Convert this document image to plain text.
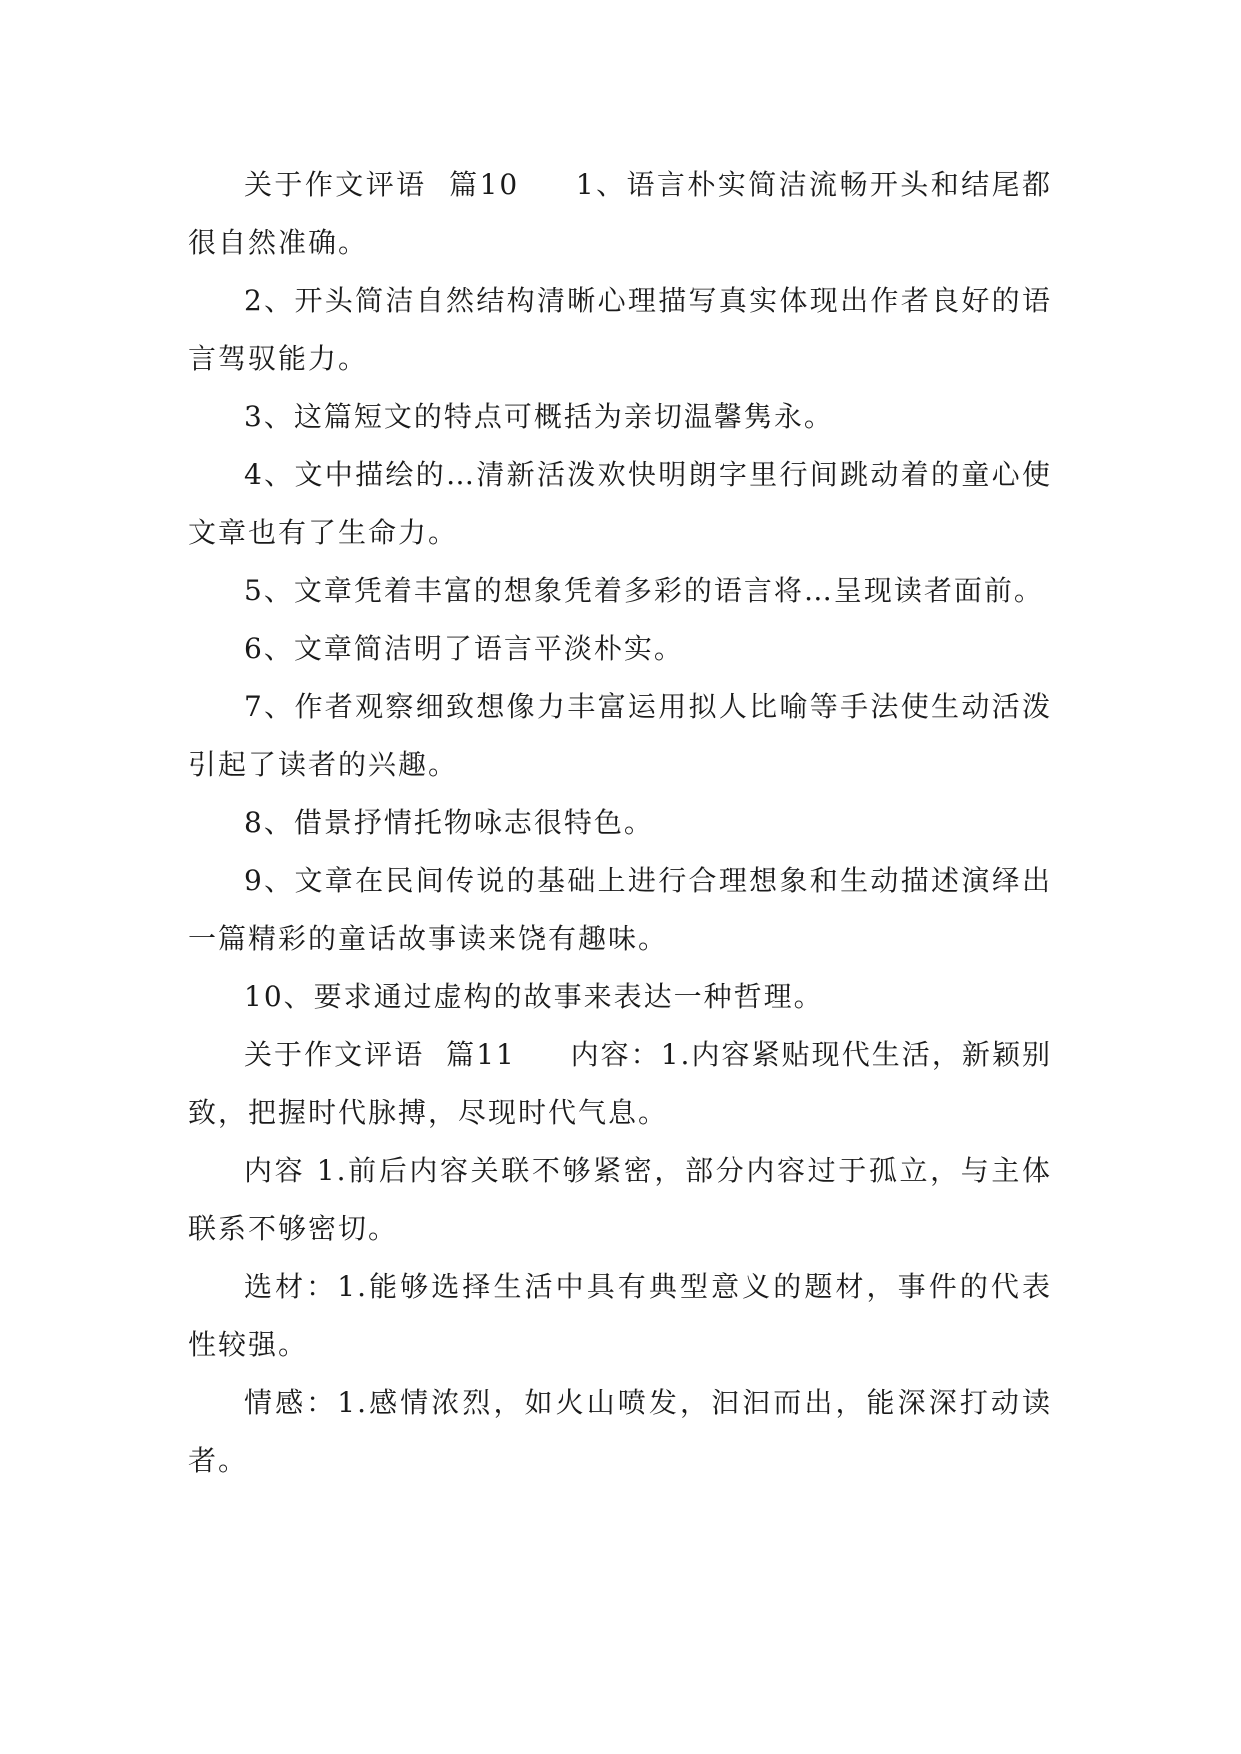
关于作文评语  篇10     1、语言朴实简洁流畅开头和结尾都很自然准确。

2、开头简洁自然结构清晰心理描写真实体现出作者良好的语言驾驭能力。

3、这篇短文的特点可概括为亲切温馨隽永。

4、文中描绘的…清新活泼欢快明朗字里行间跳动着的童心使文章也有了生命力。

5、文章凭着丰富的想象凭着多彩的语言将…呈现读者面前。

6、文章简洁明了语言平淡朴实。

7、作者观察细致想像力丰富运用拟人比喻等手法使生动活泼引起了读者的兴趣。

8、借景抒情托物咏志很特色。

9、文章在民间传说的基础上进行合理想象和生动描述演绎出一篇精彩的童话故事读来饶有趣味。

10、要求通过虚构的故事来表达一种哲理。

关于作文评语  篇11     内容：1.内容紧贴现代生活，新颖别致，把握时代脉搏，尽现时代气息。

内容 1.前后内容关联不够紧密，部分内容过于孤立，与主体联系不够密切。

选材：1.能够选择生活中具有典型意义的题材，事件的代表性较强。

情感：1.感情浓烈，如火山喷发，汩汩而出，能深深打动读者。
